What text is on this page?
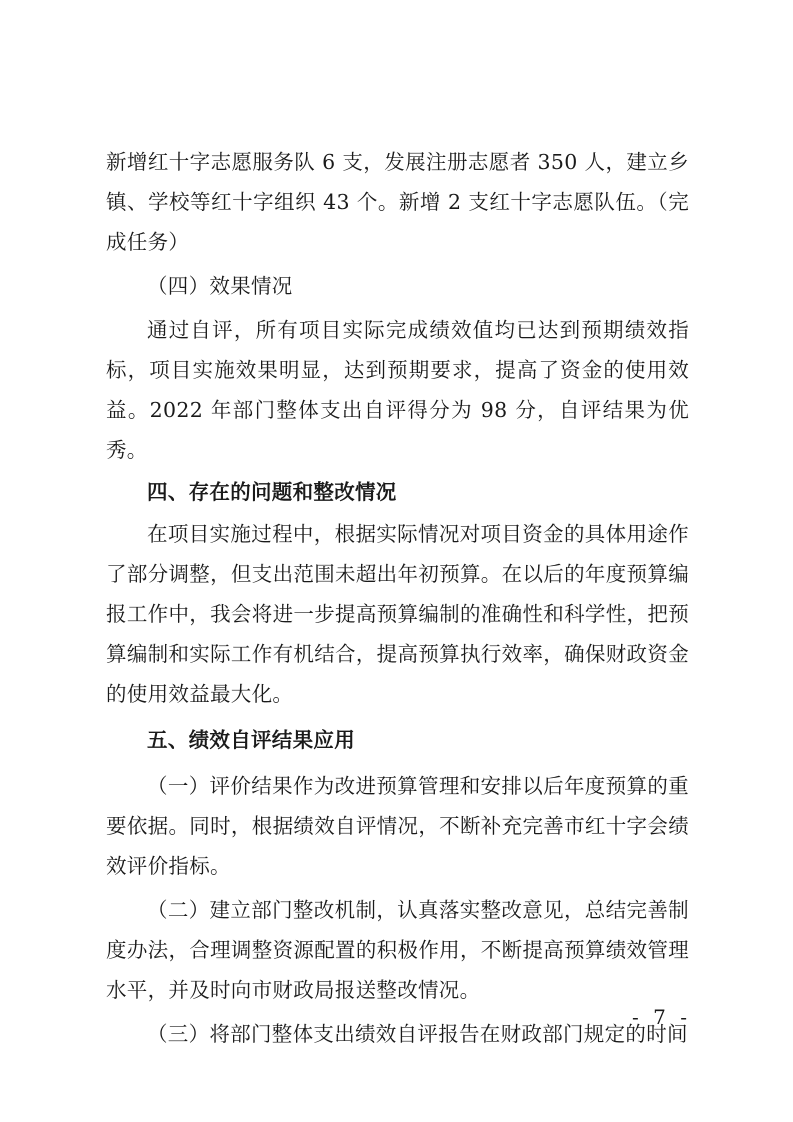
新增红十字志愿服务队 6 支，发展注册志愿者 350 人，建立乡镇、学校等红十字组织 43 个。新增 2 支红十字志愿队伍。（完成任务）

（四）效果情况

通过自评，所有项目实际完成绩效值均已达到预期绩效指标，项目实施效果明显，达到预期要求，提高了资金的使用效益。2022 年部门整体支出自评得分为 98 分，自评结果为优秀。

四、存在的问题和整改情况

在项目实施过程中，根据实际情况对项目资金的具体用途作了部分调整，但支出范围未超出年初预算。在以后的年度预算编报工作中，我会将进一步提高预算编制的准确性和科学性，把预算编制和实际工作有机结合，提高预算执行效率，确保财政资金的使用效益最大化。

五、绩效自评结果应用

（一）评价结果作为改进预算管理和安排以后年度预算的重要依据。同时，根据绩效自评情况，不断补充完善市红十字会绩效评价指标。

（二）建立部门整改机制，认真落实整改意见，总结完善制度办法，合理调整资源配置的积极作用，不断提高预算绩效管理水平，并及时向市财政局报送整改情况。

（三）将部门整体支出绩效自评报告在财政部门规定的时间

- 7 -
